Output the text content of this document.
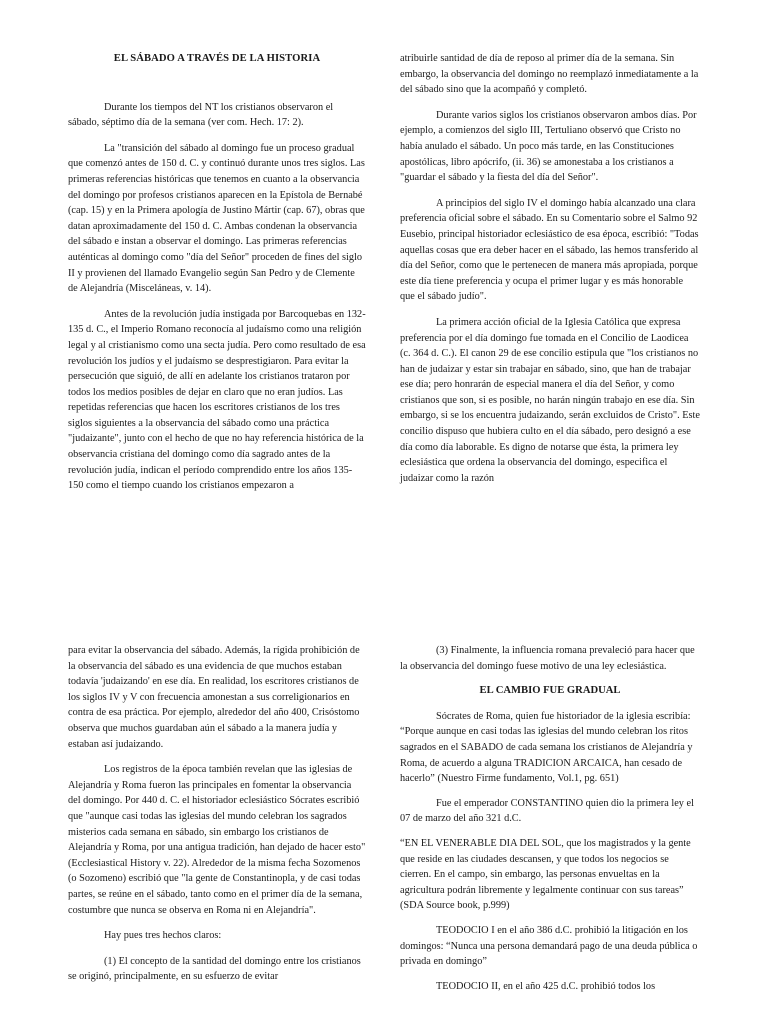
EL SÁBADO A TRAVÉS DE LA HISTORIA

Durante los tiempos del NT los cristianos observaron el sábado, séptimo día de la semana (ver com. Hech. 17: 2).

La "transición del sábado al domingo fue un proceso gradual que comenzó antes de 150 d. C. y continuó durante unos tres siglos. Las primeras referencias históricas que tenemos en cuanto a la observancia del domingo por profesos cristianos aparecen en la Epístola de Bernabé (cap. 15) y en la Primera apología de Justino Mártir (cap. 67), obras que datan aproximadamente del 150 d. C. Ambas condenan la observancia del sábado e instan a observar el domingo. Las primeras referencias auténticas al domingo como "día del Señor" proceden de fines del siglo II y provienen del llamado Evangelio según San Pedro y de Clemente de Alejandría (Misceláneas, v. 14).

Antes de la revolución judía instigada por Barcoquebas en 132-135 d. C., el Imperio Romano reconocía al judaísmo como una religión legal y al cristianismo como una secta judía. Pero como resultado de esa revolución los judíos y el judaísmo se desprestigiaron. Para evitar la persecución que siguió, de allí en adelante los cristianos trataron por todos los medios posibles de dejar en claro que no eran judíos. Las repetidas referencias que hacen los escritores cristianos de los tres siglos siguientes a la observancia del sábado como una práctica "judaizante", junto con el hecho de que no hay referencia histórica de la observancia cristiana del domingo como día sagrado antes de la revolución judía, indican el período comprendido entre los años 135-150 como el tiempo cuando los cristianos empezaron a

atribuirle santidad de día de reposo al primer día de la semana. Sin embargo, la observancia del domingo no reemplazó inmediatamente a la del sábado sino que la acompañó y completó.

Durante varios siglos los cristianos observaron ambos días. Por ejemplo, a comienzos del siglo III, Tertuliano observó que Cristo no había anulado el sábado. Un poco más tarde, en las Constituciones apostólicas, libro apócrifo, (ii. 36) se amonestaba a los cristianos a "guardar el sábado y la fiesta del día del Señor".

A principios del siglo IV el domingo había alcanzado una clara preferencia oficial sobre el sábado. En su Comentario sobre el Salmo 92 Eusebio, principal historiador eclesiástico de esa época, escribió: "Todas aquellas cosas que era deber hacer en el sábado, las hemos transferido al día del Señor, como que le pertenecen de manera más apropiada, porque este día tiene preferencia y ocupa el primer lugar y es más honorable que el sábado judío".

La primera acción oficial de la Iglesia Católica que expresa preferencia por el día domingo fue tomada en el Concilio de Laodicea (c. 364 d. C.). El canon 29 de ese concilio estipula que "los cristianos no han de judaizar y estar sin trabajar en sábado, sino, que han de trabajar ese día; pero honrarán de especial manera el día del Señor, y como cristianos que son, si es posible, no harán ningún trabajo en ese día. Sin embargo, si se los encuentra judaizando, serán excluidos de Cristo". Este concilio dispuso que hubiera culto en el día sábado, pero designó a ese día como día laborable. Es digno de notarse que ésta, la primera ley eclesiástica que ordena la observancia del domingo, especifica el judaizar como la razón

para evitar la observancia del sábado. Además, la rígida prohibición de la observancia del sábado es una evidencia de que muchos estaban todavía 'judaizando' en ese día. En realidad, los escritores cristianos de los siglos IV y V con frecuencia amonestan a sus correligionarios en contra de esa práctica. Por ejemplo, alrededor del año 400, Crisóstomo observa que muchos guardaban aún el sábado a la manera judía y estaban así judaizando.

Los registros de la época también revelan que las iglesias de Alejandría y Roma fueron las principales en fomentar la observancia del domingo. Por 440 d. C. el historiador eclesiástico Sócrates escribió que "aunque casi todas las iglesias del mundo celebran los sagrados misterios cada semana en sábado, sin embargo los cristianos de Alejandría y Roma, por una antigua tradición, han dejado de hacer esto" (Ecclesiastical History v. 22). Alrededor de la misma fecha Sozomenos (o Sozomeno) escribió que "la gente de Constantinopla, y de casi todas partes, se reúne en el sábado, tanto como en el primer día de la semana, costumbre que nunca se observa en Roma ni en Alejandría".

Hay pues tres hechos claros:

(1) El concepto de la santidad del domingo entre los cristianos se originó, principalmente, en su esfuerzo de evitar

(3) Finalmente, la influencia romana prevaleció para hacer que la observancia del domingo fuese motivo de una ley eclesiástica.

EL CAMBIO FUE GRADUAL

Sócrates de Roma, quien fue historiador de la iglesia escribía: “Porque aunque en casi todas las iglesias del mundo celebran los ritos sagrados en el SABADO de cada semana los cristianos de Alejandría y Roma, de acuerdo a alguna TRADICION ARCAICA, han cesado de hacerlo” (Nuestro Firme fundamento, Vol.1, pg. 651)

Fue el emperador CONSTANTINO quien dio la primera ley el 07 de marzo del año 321 d.C.

“EN EL VENERABLE DIA DEL SOL, que los magistrados y la gente que reside en las ciudades descansen, y que todos los negocios se cierren. En el campo, sin embargo, las personas envueltas en la agricultura podrán libremente y legalmente continuar con sus tareas” (SDA Source book, p.999)

TEODOCIO I en el año 386 d.C. prohibió la litigación en los domingos: “Nunca una persona demandará pago de una deuda pública o privada en domingo”

TEODOCIO II, en el año 425 d.C. prohibió todos los
